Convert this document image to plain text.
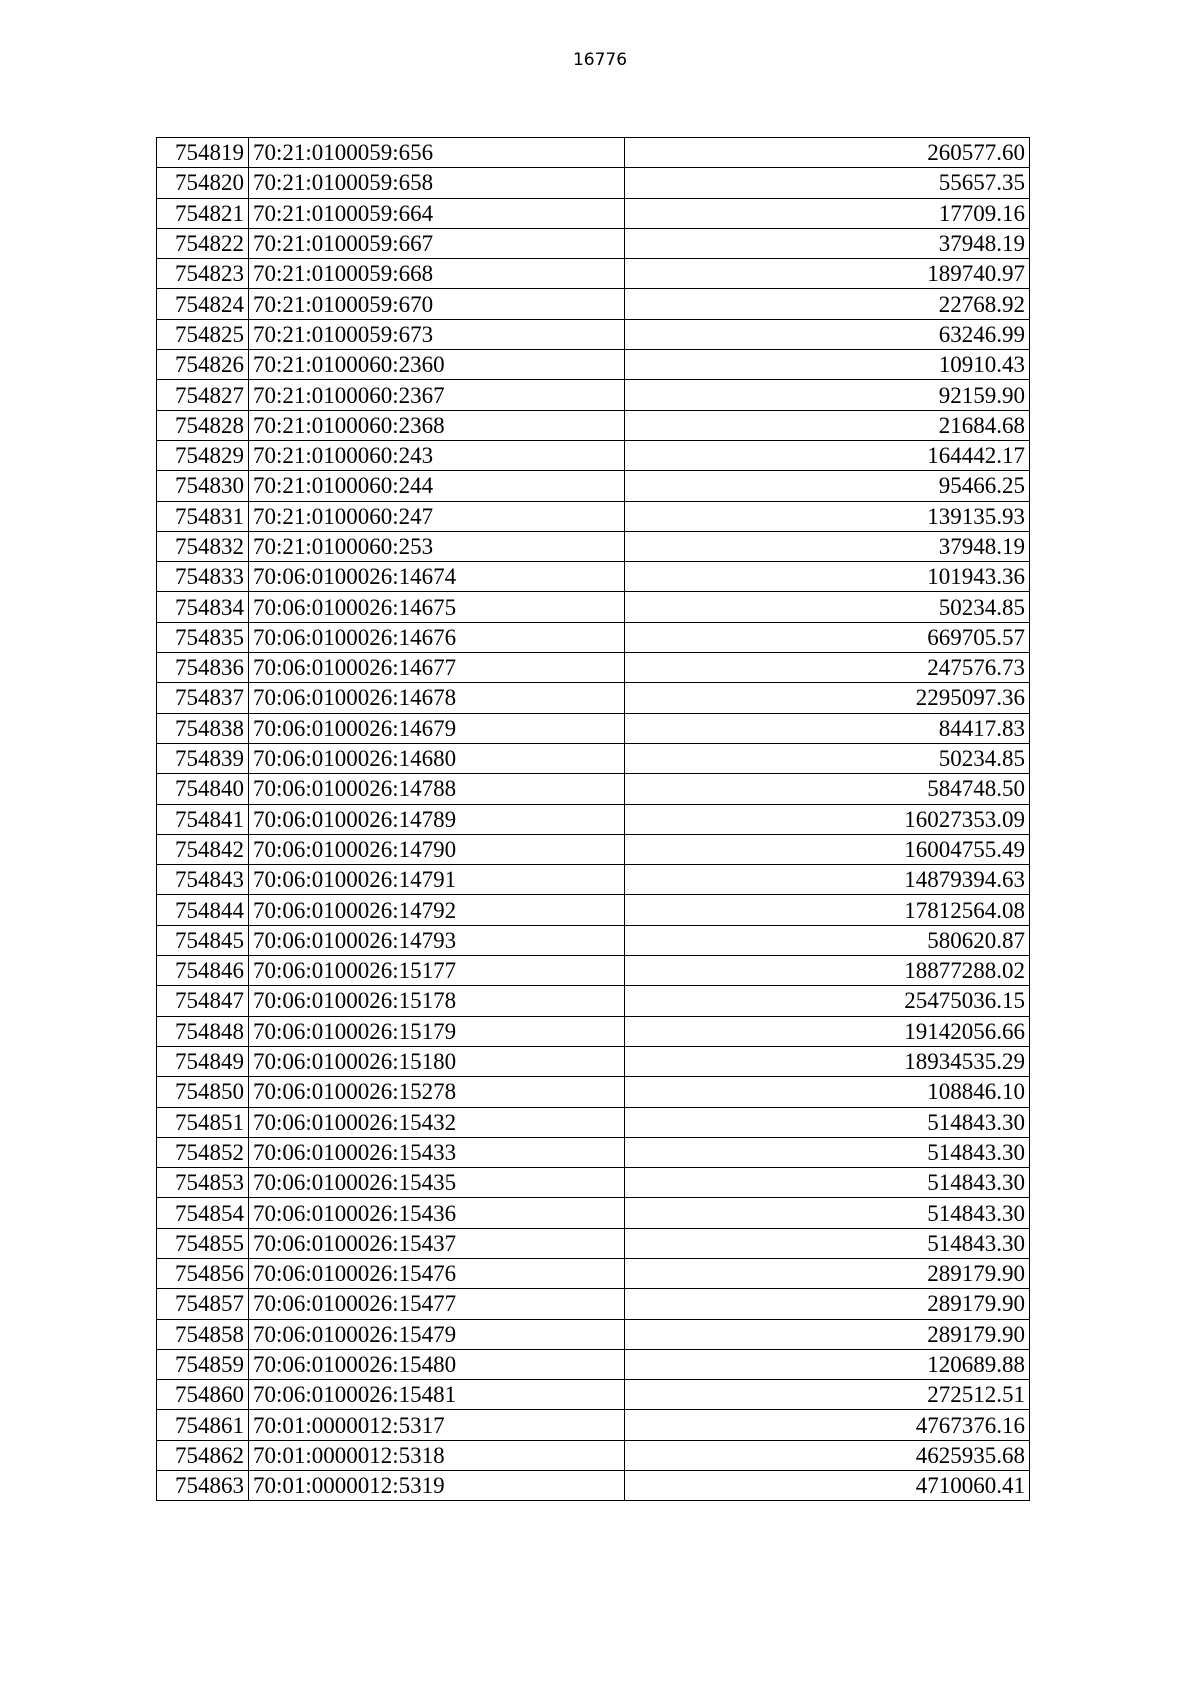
16776
754819	70:21:0100059:656	260577.60
754820	70:21:0100059:658	55657.35
754821	70:21:0100059:664	17709.16
754822	70:21:0100059:667	37948.19
754823	70:21:0100059:668	189740.97
754824	70:21:0100059:670	22768.92
754825	70:21:0100059:673	63246.99
754826	70:21:0100060:2360	10910.43
754827	70:21:0100060:2367	92159.90
754828	70:21:0100060:2368	21684.68
754829	70:21:0100060:243	164442.17
754830	70:21:0100060:244	95466.25
754831	70:21:0100060:247	139135.93
754832	70:21:0100060:253	37948.19
754833	70:06:0100026:14674	101943.36
754834	70:06:0100026:14675	50234.85
754835	70:06:0100026:14676	669705.57
754836	70:06:0100026:14677	247576.73
754837	70:06:0100026:14678	2295097.36
754838	70:06:0100026:14679	84417.83
754839	70:06:0100026:14680	50234.85
754840	70:06:0100026:14788	584748.50
754841	70:06:0100026:14789	16027353.09
754842	70:06:0100026:14790	16004755.49
754843	70:06:0100026:14791	14879394.63
754844	70:06:0100026:14792	17812564.08
754845	70:06:0100026:14793	580620.87
754846	70:06:0100026:15177	18877288.02
754847	70:06:0100026:15178	25475036.15
754848	70:06:0100026:15179	19142056.66
754849	70:06:0100026:15180	18934535.29
754850	70:06:0100026:15278	108846.10
754851	70:06:0100026:15432	514843.30
754852	70:06:0100026:15433	514843.30
754853	70:06:0100026:15435	514843.30
754854	70:06:0100026:15436	514843.30
754855	70:06:0100026:15437	514843.30
754856	70:06:0100026:15476	289179.90
754857	70:06:0100026:15477	289179.90
754858	70:06:0100026:15479	289179.90
754859	70:06:0100026:15480	120689.88
754860	70:06:0100026:15481	272512.51
754861	70:01:0000012:5317	4767376.16
754862	70:01:0000012:5318	4625935.68
754863	70:01:0000012:5319	4710060.41
